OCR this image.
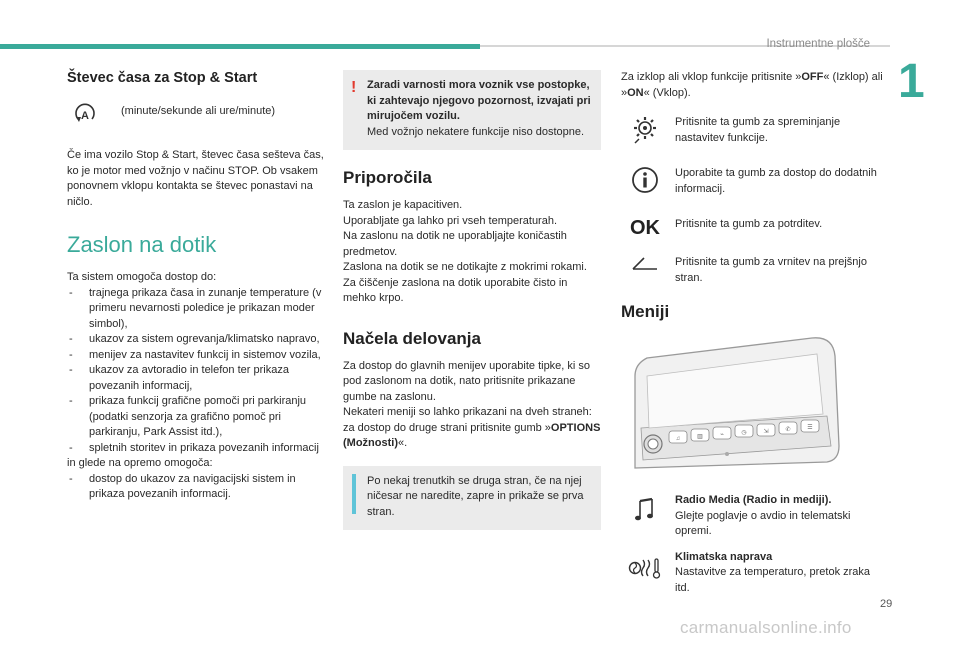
Instrumentne plošče
1
Števec časa za Stop & Start
A	(minute/sekunde ali ure/minute)

Če ima vozilo Stop & Start, števec časa sešteva čas, ko je motor med vožnjo v načinu STOP. Ob vsakem ponovnem vklopu kontakta se števec ponastavi na ničlo.

Zaslon na dotik

Ta sistem omogoča dostop do:

- trajnega prikaza časa in zunanje temperature (v primeru nevarnosti poledice je prikazan moder simbol),
- ukazov za sistem ogrevanja/klimatsko napravo,
- menijev za nastavitev funkcij in sistemov vozila,
- ukazov za avtoradio in telefon ter prikaza povezanih informacij,
- prikaza funkcij grafične pomoči pri parkiranju (podatki senzorja za grafično pomoč pri parkiranju, Park Assist itd.),
- spletnih storitev in prikaza povezanih informacij

in glede na opremo omogoča:

- dostop do ukazov za navigacijski sistem in prikaza povezanih informacij.
! Zaradi varnosti mora voznik vse postopke, ki zahtevajo njegovo pozornost, izvajati pri mirujočem vozilu.

Med vožnjo nekatere funkcije niso dostopne.

Priporočila

Ta zaslon je kapacitiven.

Uporabljate ga lahko pri vseh temperaturah.

Na zaslonu na dotik ne uporabljajte koničastih predmetov.

Zaslona na dotik se ne dotikajte z mokrimi rokami.

Za čiščenje zaslona na dotik uporabite čisto in mehko krpo.

Načela delovanja

Za dostop do glavnih menijev uporabite tipke, ki so pod zaslonom na dotik, nato pritisnite prikazane gumbe na zaslonu.

Nekateri meniji so lahko prikazani na dveh straneh: za dostop do druge strani pritisnite gumb »OPTIONS (Možnosti)«.

Po nekaj trenutkih se druga stran, če na njej ničesar ne naredite, zapre in prikaže se prva stran.

Za izklop ali vklop funkcije pritisnite »OFF« (Izklop) ali »ON« (Vklop).

Pritisnite ta gumb za spreminjanje nastavitev funkcije.

Uporabite ta gumb za dostop do dodatnih informacij.

OK	Pritisnite ta gumb za potrditev.

Pritisnite ta gumb za vrnitev na prejšnjo stran.

Meniji
♫	▥	⌁	◷	⇲	✆	☰

Radio Media (Radio in mediji).

Glejte poglavje o avdio in telematski opremi.

Klimatska naprava

Nastavitve za temperaturo, pretok zraka itd.

29
carmanualsonline.info
